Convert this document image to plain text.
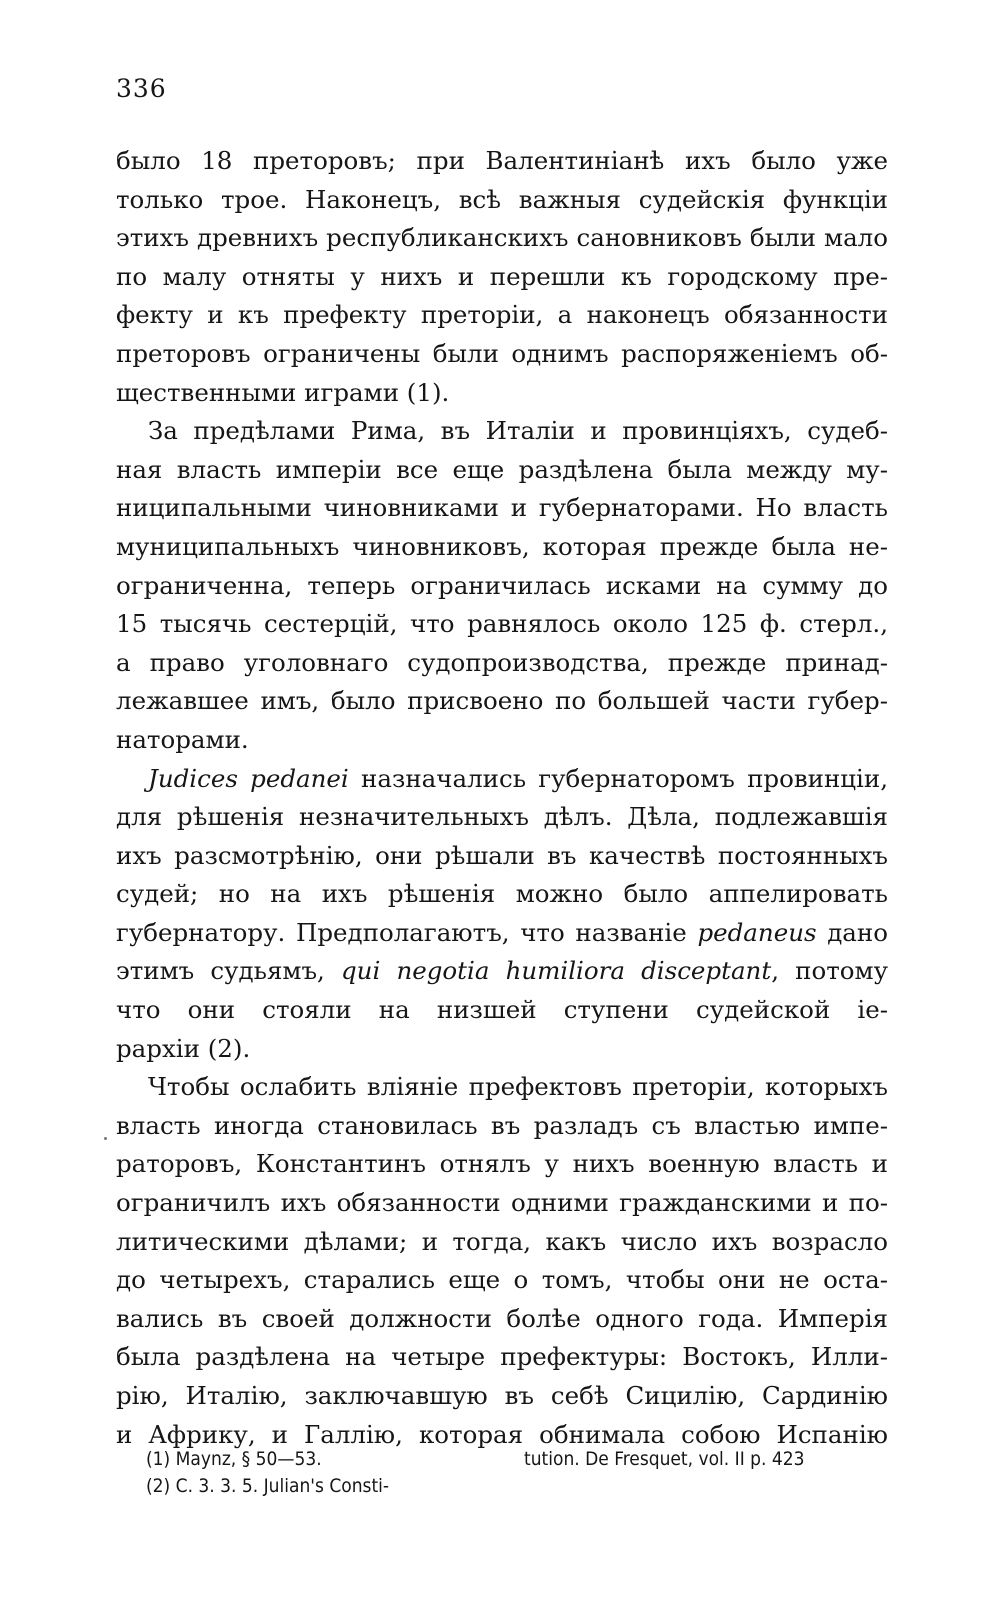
336
было 18 преторовъ; при Валентиніанѣ ихъ было уже
только трое. Наконецъ, всѣ важныя судейскія функціи
этихъ древнихъ республиканскихъ сановниковъ были мало
по малу отняты у нихъ и перешли къ городскому пре-
фекту и къ префекту преторіи, а наконецъ обязанности
преторовъ ограничены были однимъ распоряженіемъ об-
щественными играми (1).
За предѣлами Рима, въ Италіи и провинціяхъ, судеб-
ная власть имперіи все еще раздѣлена была между му-
ниципальными чиновниками и губернаторами. Но власть
муниципальныхъ чиновниковъ, которая прежде была не-
ограниченна, теперь ограничилась исками на сумму до
15 тысячь сестерцій, что равнялось около 125 ф. стерл.,
а право уголовнаго судопроизводства, прежде принад-
лежавшее имъ, было присвоено по большей части губер-
наторами.
Judices pedanei назначались губернаторомъ провинціи,
для рѣшенія незначительныхъ дѣлъ. Дѣла, подлежавшія
ихъ разсмотрѣнію, они рѣшали въ качествѣ постоянныхъ
судей; но на ихъ рѣшенія можно было аппелировать
губернатору. Предполагаютъ, что названіе pedaneus дано
этимъ судьямъ, qui negotia humiliora disceptant, потому
что они стояли на низшей ступени судейской іе-
рархіи (2).
Чтобы ослабить вліяніе префектовъ преторіи, которыхъ
власть иногда становилась въ разладъ съ властью импе-
раторовъ, Константинъ отнялъ у нихъ военную власть и
ограничилъ ихъ обязанности одними гражданскими и по-
литическими дѣлами; и тогда, какъ число ихъ возрасло
до четырехъ, старались еще о томъ, чтобы они не оста-
вались въ своей должности болѣе одного года. Имперія
была раздѣлена на четыре префектуры: Востокъ, Илли-
рію, Италію, заключавшую въ себѣ Сицилію, Сардинію
и Африку, и Галлію, которая обнимала собою Испанію
(1) Maynz, § 50—53.	tution. De Fresquet, vol. II p. 423
(2) С. 3. 3. 5. Julian's Consti-
